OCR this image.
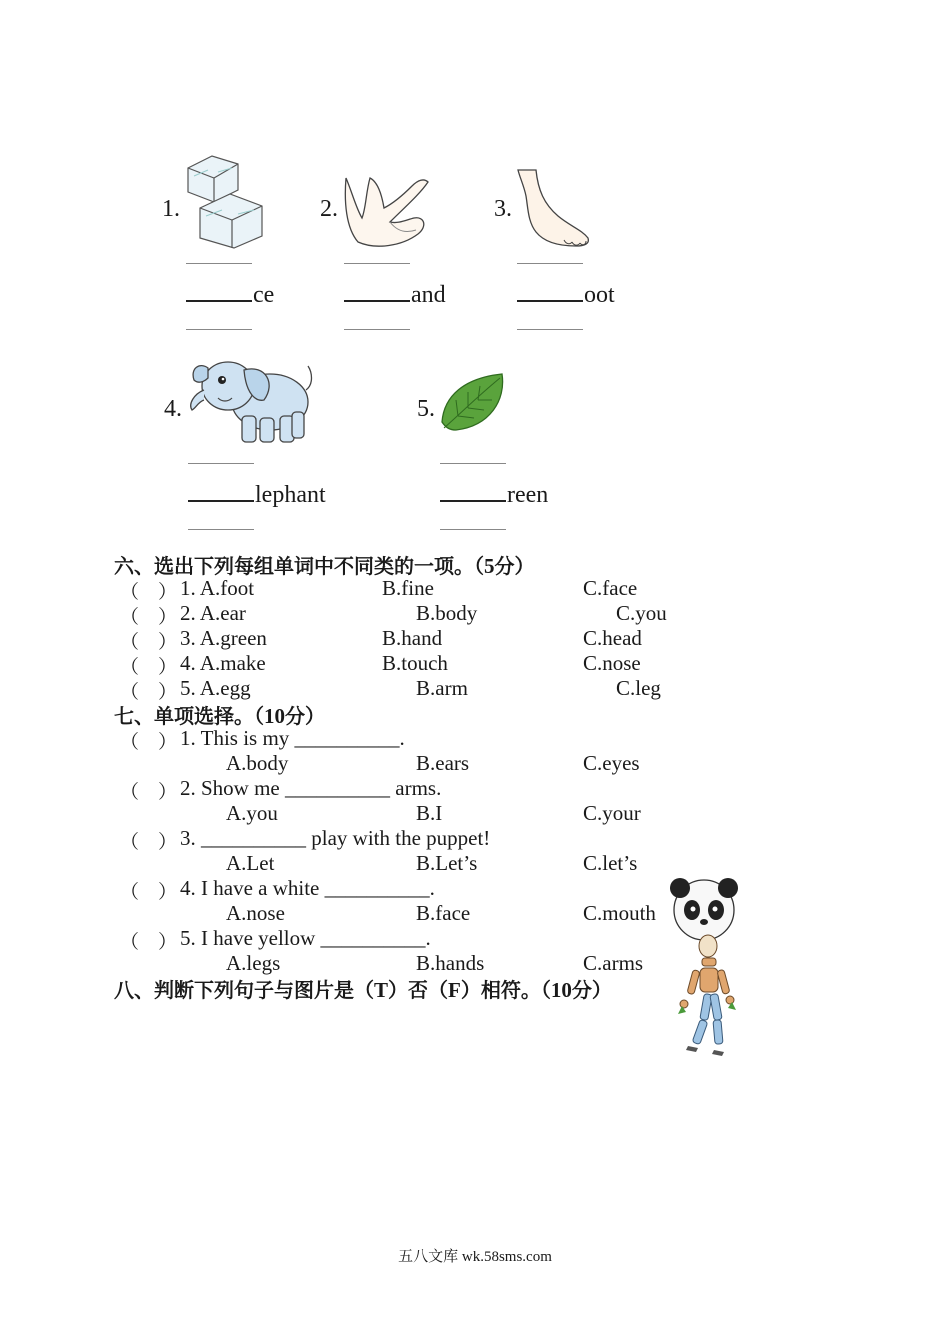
1.	2.	3.
ce	and	oot
4.	5.
lephant	reen
六、选出下列每组单词中不同类的一项。（5分）
（　） 1. A.foot	B.fine	C.face
（　） 2. A.ear	B.body	C.you
（　） 3. A.green	B.hand	C.head
（　） 4. A.make	B.touch	C.nose
（　） 5. A.egg	B.arm	C.leg
七、单项选择。（10分）
（　） 1. This is my __________.
A.body	B.ears	C.eyes
（　） 2. Show me __________ arms.
A.you	B.I	C.your
（　） 3. __________ play with the puppet!
A.Let	B.Let’s	C.let’s
（　） 4. I have a white __________.
A.nose	B.face	C.mouth
（　） 5. I have yellow __________.
A.legs	B.hands	C.arms
八、判断下列句子与图片是（T）否（F）相符。（10分）
五八文库 wk.58sms.com
